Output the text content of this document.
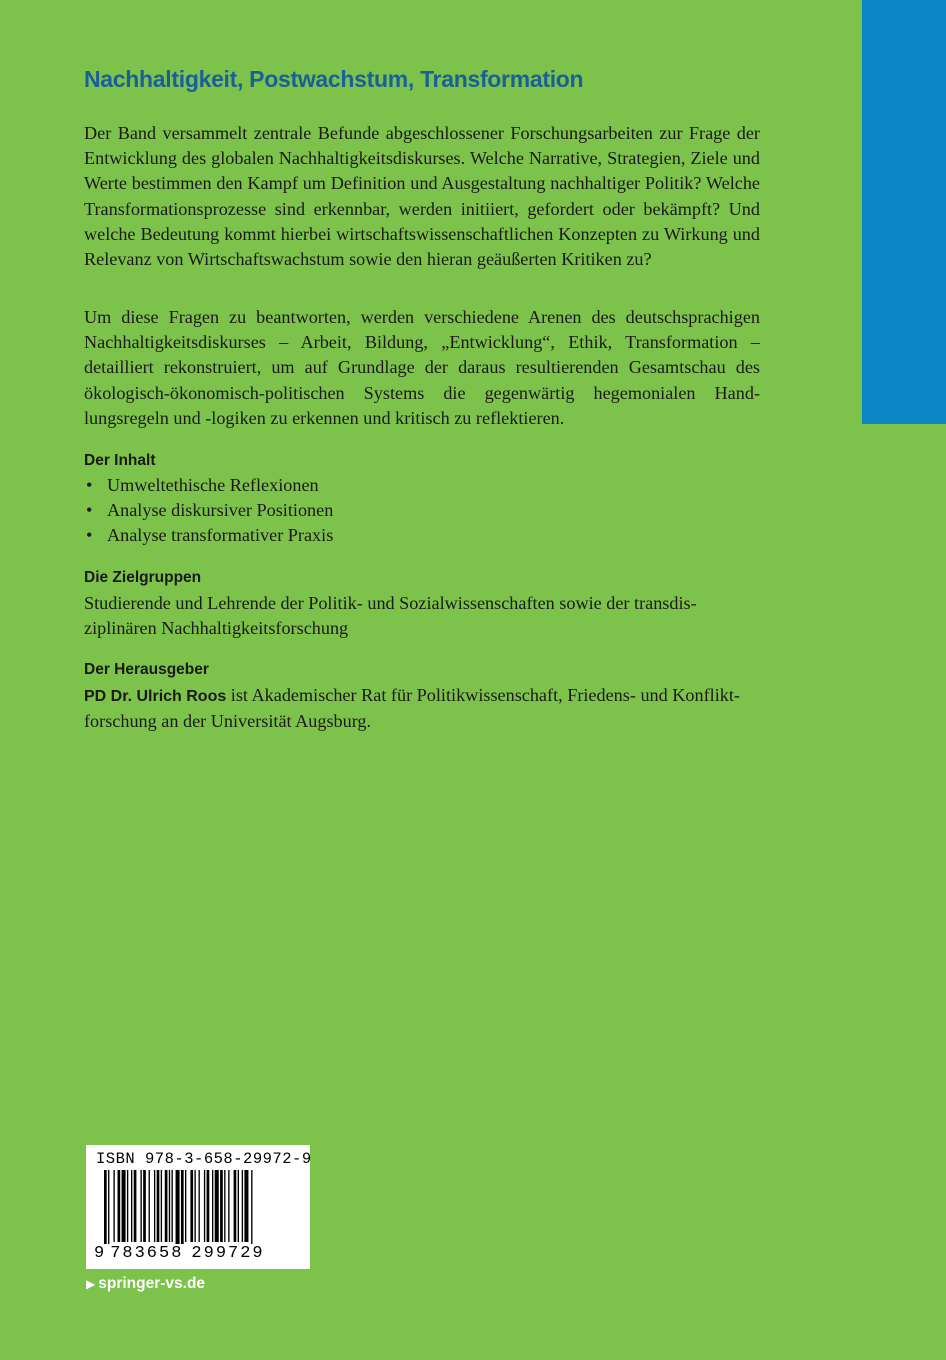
Nachhaltigkeit, Postwachstum, Transformation
Der Band versammelt zentrale Befunde abgeschlossener Forschungsarbeiten zur Frage der Entwicklung des globalen Nachhaltigkeitsdiskurses. Welche Narrative, Strategien, Ziele und Werte bestimmen den Kampf um Definition und Ausgestaltung nachhaltiger Politik? Welche Transformationsprozesse sind erkennbar, werden initiiert, gefordert oder bekämpft? Und welche Bedeutung kommt hierbei wirtschaftswissenschaftlichen Konzepten zu Wirkung und Relevanz von Wirtschaftswachstum sowie den hieran geäußerten Kritiken zu?
Um diese Fragen zu beantworten, werden verschiedene Arenen des deutschsprachigen Nachhaltigkeitsdiskurses – Arbeit, Bildung, „Entwicklung“, Ethik, Transformation – detailliert rekonstruiert, um auf Grundlage der daraus resultierenden Gesamtschau des ökologisch-ökonomisch-politischen Systems die gegenwärtig hegemonialen Handlungsregeln und -logiken zu erkennen und kritisch zu reflektieren.
Der Inhalt
• Umweltethische Reflexionen
• Analyse diskursiver Positionen
• Analyse transformativer Praxis
Die Zielgruppen
Studierende und Lehrende der Politik- und Sozialwissenschaften sowie der transdisziplinären Nachhaltigkeitsforschung
Der Herausgeber
PD Dr. Ulrich Roos ist Akademischer Rat für Politikwissenschaft, Friedens- und Konfliktforschung an der Universität Augsburg.
ISBN 978-3-658-29972-9
9 783658 299729
▶ springer-vs.de
